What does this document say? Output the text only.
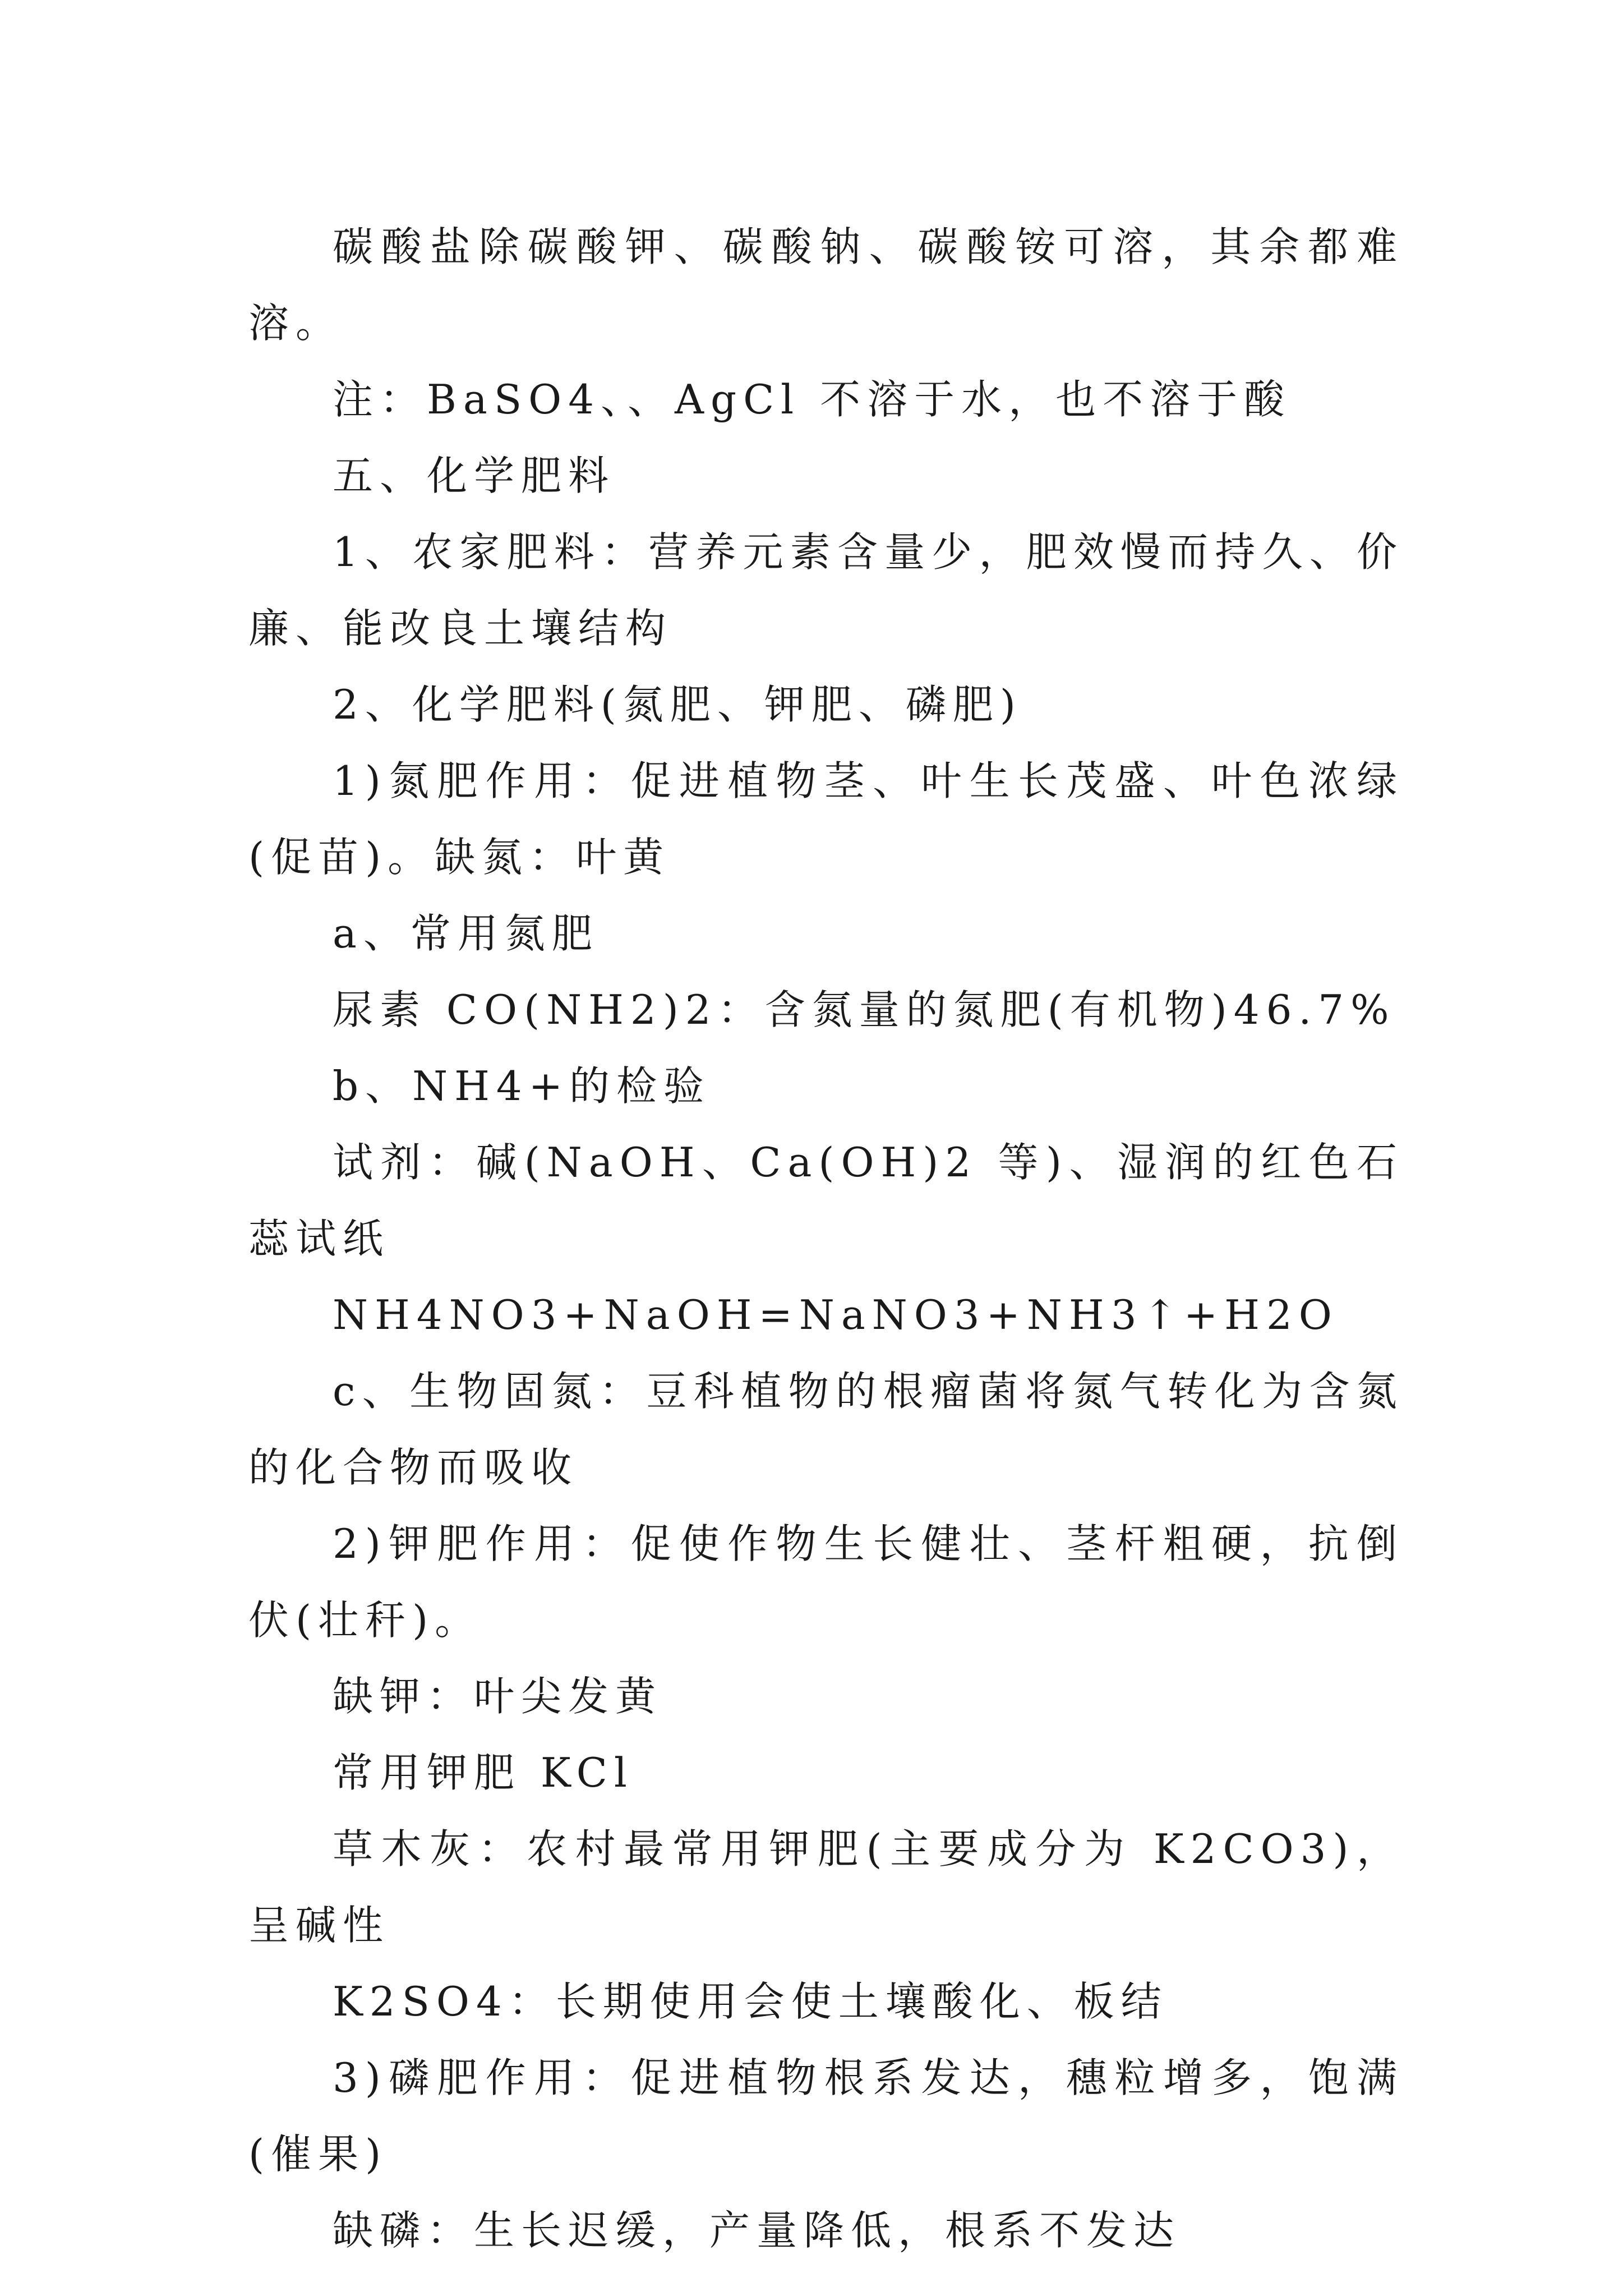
碳酸盐除碳酸钾、碳酸钠、碳酸铵可溶，其余都难溶。

注：BaSO4、、AgCl 不溶于水，也不溶于酸

五、化学肥料

1、农家肥料：营养元素含量少，肥效慢而持久、价廉、能改良土壤结构

2、化学肥料(氮肥、钾肥、磷肥)

1)氮肥作用：促进植物茎、叶生长茂盛、叶色浓绿(促苗)。缺氮：叶黄

a、常用氮肥

尿素 CO(NH2)2：含氮量的氮肥(有机物)46.7%

b、NH4+的检验

试剂：碱(NaOH、Ca(OH)2 等)、湿润的红色石蕊试纸

NH4NO3+NaOH=NaNO3+NH3↑+H2O

c、生物固氮：豆科植物的根瘤菌将氮气转化为含氮的化合物而吸收

2)钾肥作用：促使作物生长健壮、茎杆粗硬，抗倒伏(壮秆)。

缺钾：叶尖发黄

常用钾肥 KCl

草木灰：农村最常用钾肥(主要成分为 K2CO3)，呈碱性

K2SO4：长期使用会使土壤酸化、板结

3)磷肥作用：促进植物根系发达，穗粒增多，饱满(催果)

缺磷：生长迟缓，产量降低，根系不发达
